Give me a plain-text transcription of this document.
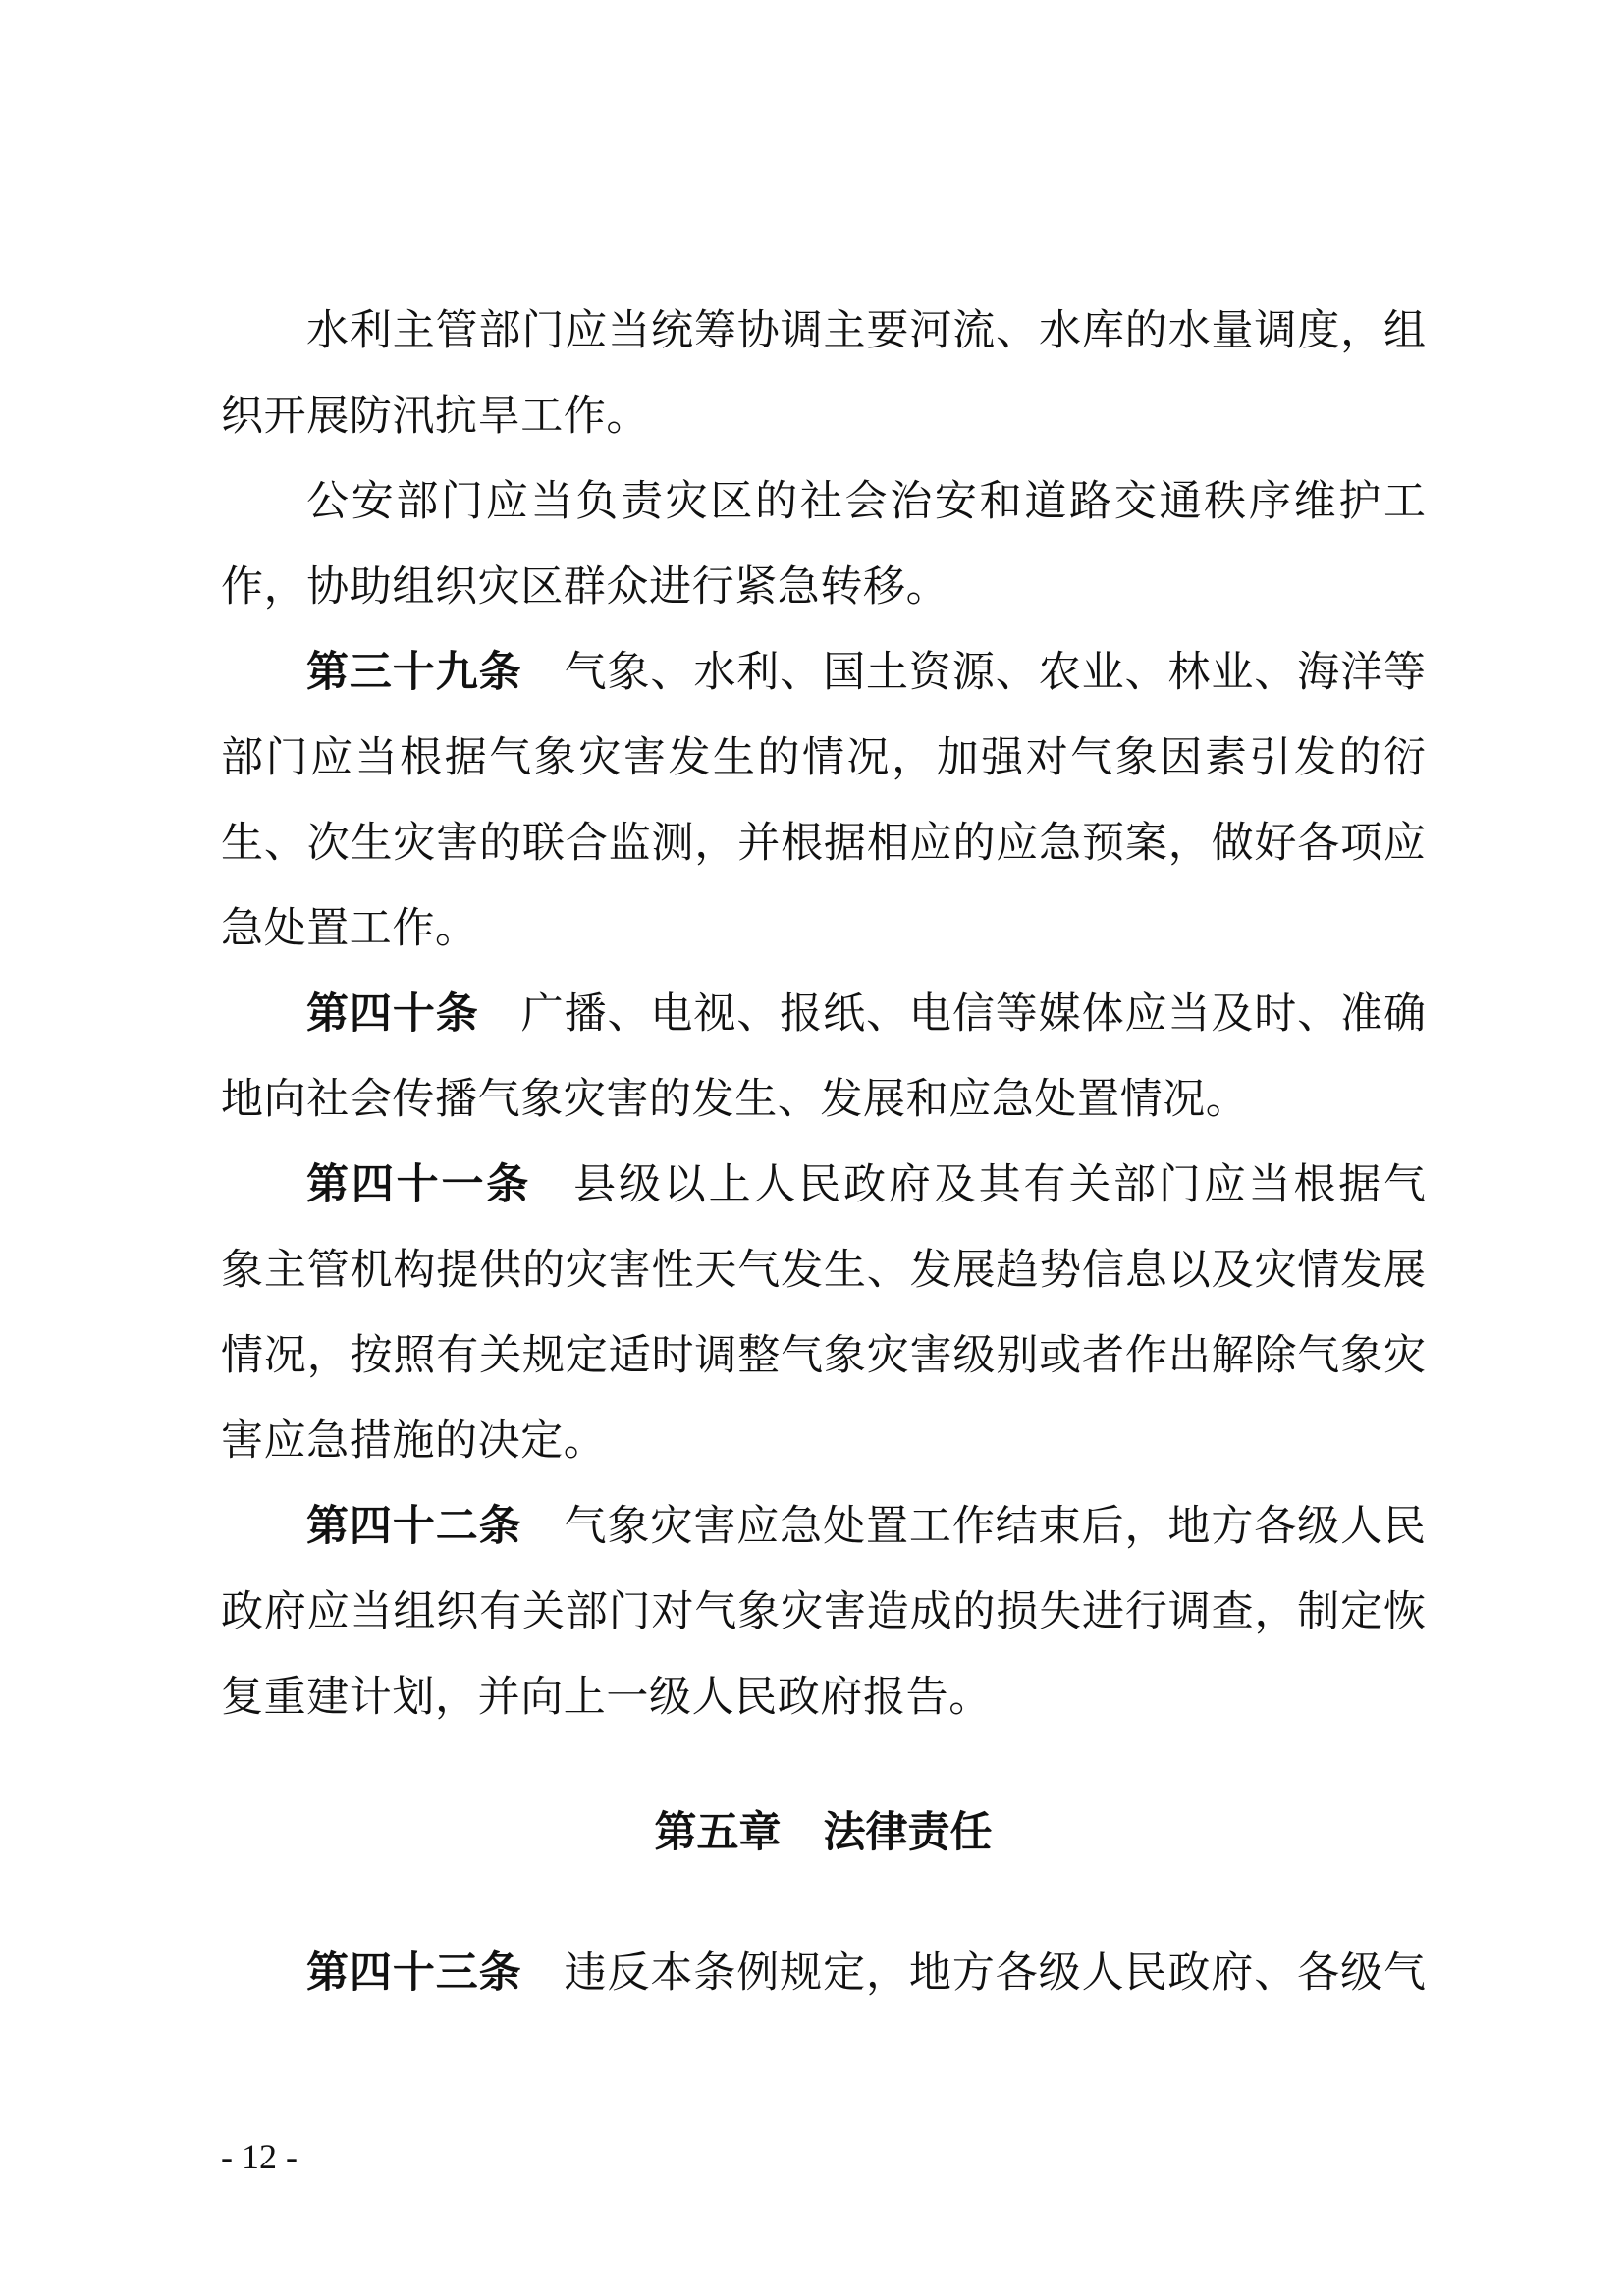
水利主管部门应当统筹协调主要河流、水库的水量调度，组
织开展防汛抗旱工作。
公安部门应当负责灾区的社会治安和道路交通秩序维护工
作，协助组织灾区群众进行紧急转移。
第三十九条 气象、水利、国土资源、农业、林业、海洋等
部门应当根据气象灾害发生的情况，加强对气象因素引发的衍
生、次生灾害的联合监测，并根据相应的应急预案，做好各项应
急处置工作。
第四十条 广播、电视、报纸、电信等媒体应当及时、准确
地向社会传播气象灾害的发生、发展和应急处置情况。
第四十一条 县级以上人民政府及其有关部门应当根据气
象主管机构提供的灾害性天气发生、发展趋势信息以及灾情发展
情况，按照有关规定适时调整气象灾害级别或者作出解除气象灾
害应急措施的决定。
第四十二条 气象灾害应急处置工作结束后，地方各级人民
政府应当组织有关部门对气象灾害造成的损失进行调查，制定恢
复重建计划，并向上一级人民政府报告。
第五章 法律责任
第四十三条 违反本条例规定，地方各级人民政府、各级气
- 12 -
